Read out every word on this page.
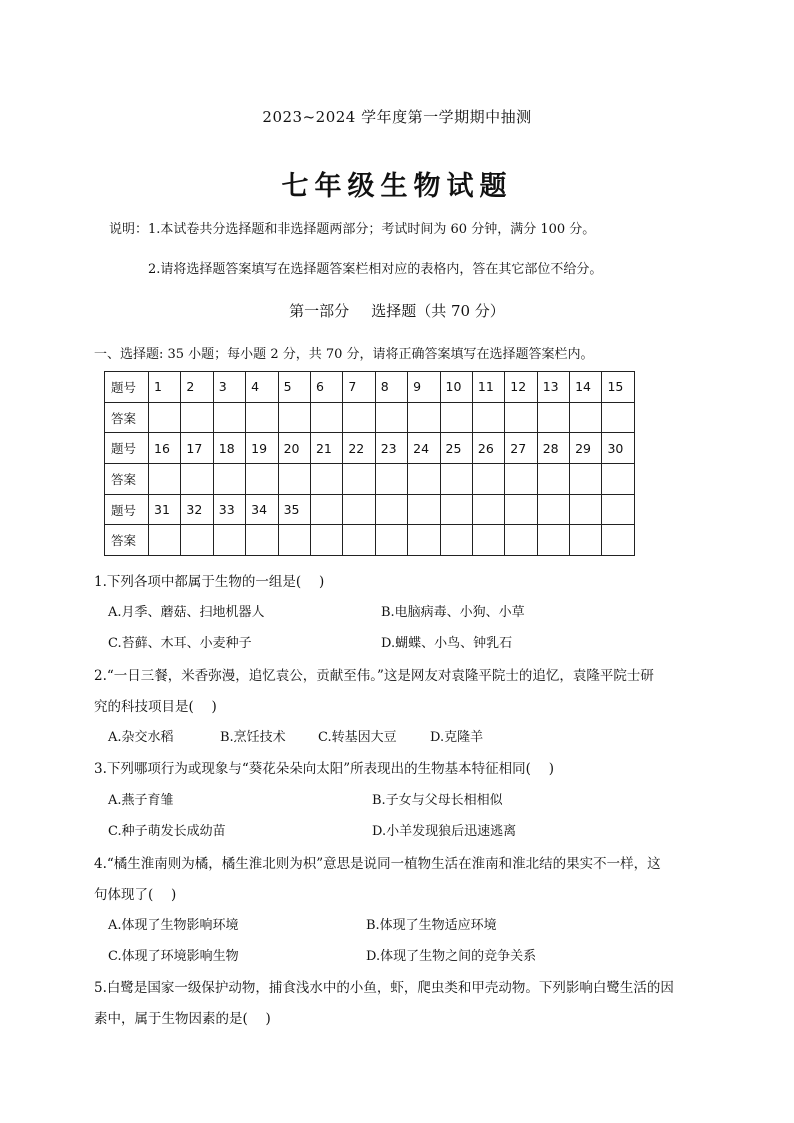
2023~2024 学年度第一学期期中抽测
七年级生物试题
说明：1.本试卷共分选择题和非选择题两部分；考试时间为 60 分钟，满分 100 分。
2.请将选择题答案填写在选择题答案栏相对应的表格内，答在其它部位不给分。
第一部分 选择题（共 70 分）
一、选择题: 35 小题；每小题 2 分，共 70 分，请将正确答案填写在选择题答案栏内。
题号	1	2	3	4	5	6	7	8	9	10	11	12	13	14	15
答案															
题号	16	17	18	19	20	21	22	23	24	25	26	27	28	29	30
答案															
题号	31	32	33	34	35										
答案															
1.下列各项中都属于生物的一组是(　 )
A.月季、蘑菇、扫地机器人	B.电脑病毒、小狗、小草
C.苔藓、木耳、小麦种子	D.蝴蝶、小鸟、钟乳石
2.“一日三餐，米香弥漫，追忆袁公，贡献至伟。”这是网友对袁隆平院士的追忆，袁隆平院士研
究的科技项目是(　 )
A.杂交水稻	B.烹饪技术 C.转基因大豆	D.克隆羊
3.下列哪项行为或现象与“葵花朵朵向太阳”所表现出的生物基本特征相同(　 )
A.燕子育雏	B.子女与父母长相相似
C.种子萌发长成幼苗	D.小羊发现狼后迅速逃离
4.“橘生淮南则为橘，橘生淮北则为枳”意思是说同一植物生活在淮南和淮北结的果实不一样，这
句体现了(　 )
A.体现了生物影响环境	B.体现了生物适应环境
C.体现了环境影响生物	D.体现了生物之间的竞争关系
5.白鹭是国家一级保护动物，捕食浅水中的小鱼，虾，爬虫类和甲壳动物。下列影响白鹭生活的因
素中，属于生物因素的是(　 )
